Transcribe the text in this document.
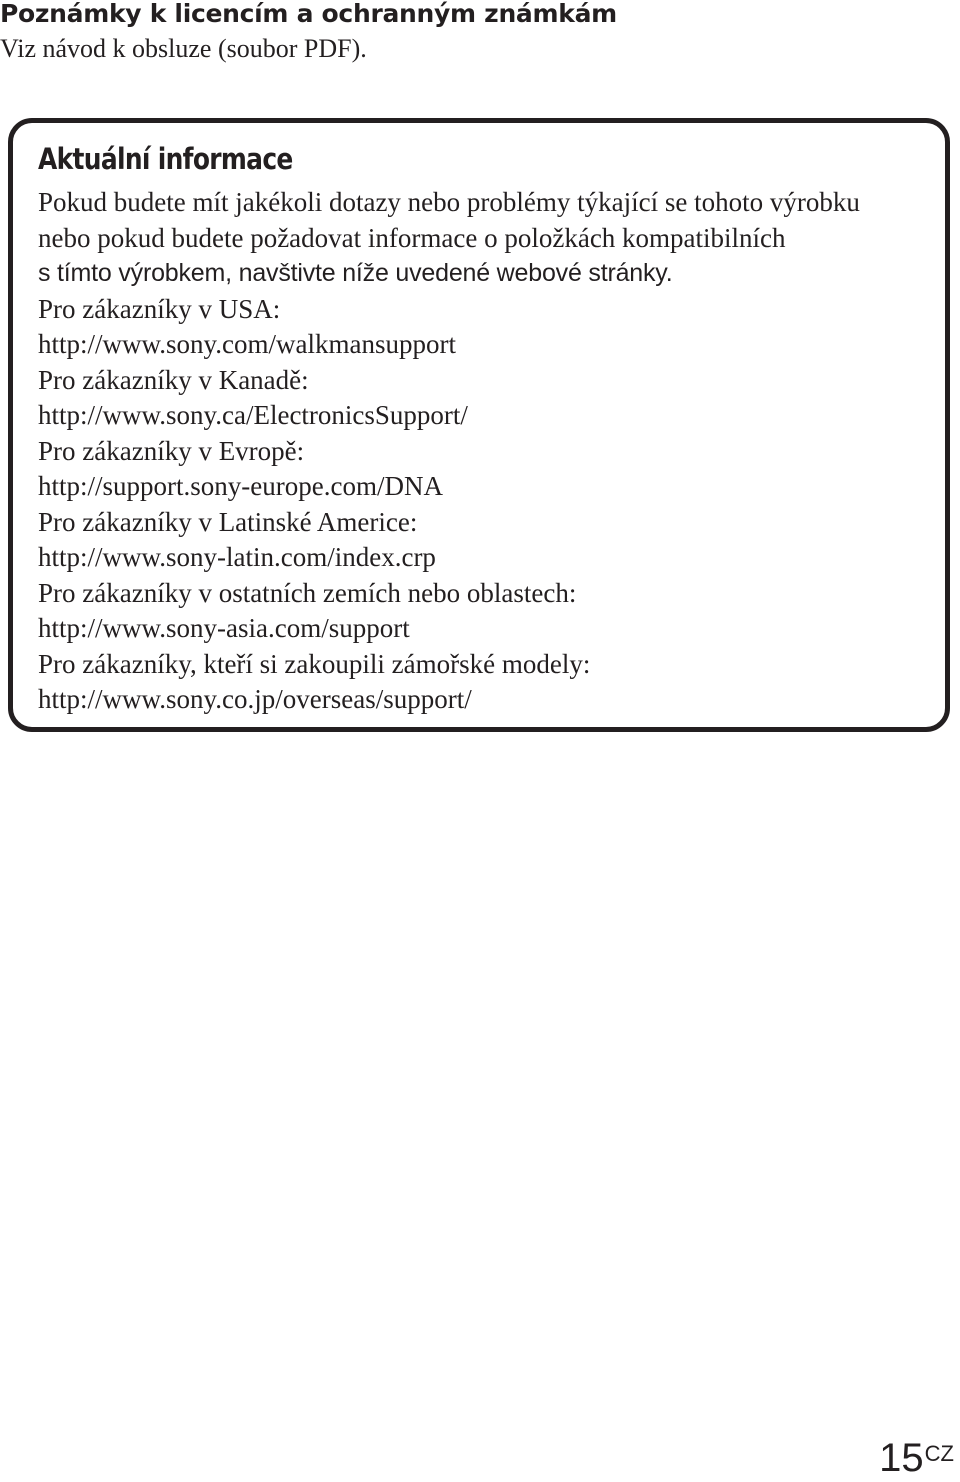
Poznámky k licencím a ochranným známkám
Viz návod k obsluze (soubor PDF).
Aktuální informace
Pokud budete mít jakékoli dotazy nebo problémy týkající se tohoto výrobku
nebo pokud budete požadovat informace o položkách kompatibilních
s tímto výrobkem, navštivte níže uvedené webové stránky.
Pro zákazníky v USA:
http://www.sony.com/walkmansupport
Pro zákazníky v Kanadě:
http://www.sony.ca/ElectronicsSupport/
Pro zákazníky v Evropě:
http://support.sony-europe.com/DNA
Pro zákazníky v Latinské Americe:
http://www.sony-latin.com/index.crp
Pro zákazníky v ostatních zemích nebo oblastech:
http://www.sony-asia.com/support
Pro zákazníky, kteří si zakoupili zámořské modely:
http://www.sony.co.jp/overseas/support/
$15^{CZ}$
